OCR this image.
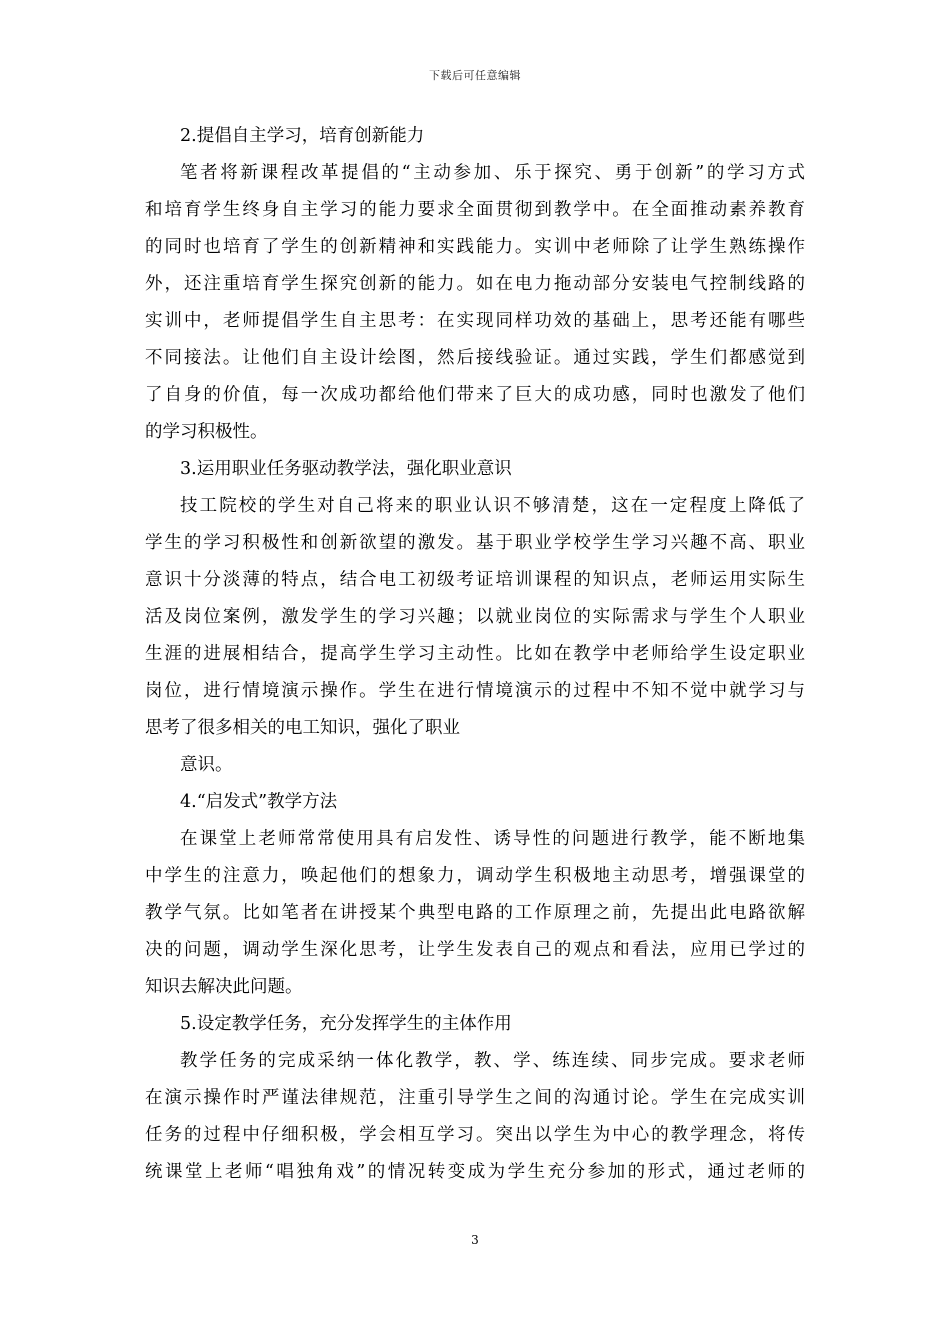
下载后可任意编辑
2.提倡自主学习，培育创新能力
笔者将新课程改革提倡的“主动参加、乐于探究、勇于创新”的学习方式
和培育学生终身自主学习的能力要求全面贯彻到教学中。在全面推动素养教育
的同时也培育了学生的创新精神和实践能力。实训中老师除了让学生熟练操作
外，还注重培育学生探究创新的能力。如在电力拖动部分安装电气控制线路的
实训中，老师提倡学生自主思考：在实现同样功效的基础上，思考还能有哪些
不同接法。让他们自主设计绘图，然后接线验证。通过实践，学生们都感觉到
了自身的价值，每一次成功都给他们带来了巨大的成功感，同时也激发了他们
的学习积极性。
3.运用职业任务驱动教学法，强化职业意识
技工院校的学生对自己将来的职业认识不够清楚，这在一定程度上降低了
学生的学习积极性和创新欲望的激发。基于职业学校学生学习兴趣不高、职业
意识十分淡薄的特点，结合电工初级考证培训课程的知识点，老师运用实际生
活及岗位案例，激发学生的学习兴趣；以就业岗位的实际需求与学生个人职业
生涯的进展相结合，提高学生学习主动性。比如在教学中老师给学生设定职业
岗位，进行情境演示操作。学生在进行情境演示的过程中不知不觉中就学习与
思考了很多相关的电工知识，强化了职业
意识。
4.“启发式”教学方法
在课堂上老师常常使用具有启发性、诱导性的问题进行教学，能不断地集
中学生的注意力，唤起他们的想象力，调动学生积极地主动思考，增强课堂的
教学气氛。比如笔者在讲授某个典型电路的工作原理之前，先提出此电路欲解
决的问题，调动学生深化思考，让学生发表自己的观点和看法，应用已学过的
知识去解决此问题。
5.设定教学任务，充分发挥学生的主体作用
教学任务的完成采纳一体化教学，教、学、练连续、同步完成。要求老师
在演示操作时严谨法律规范，注重引导学生之间的沟通讨论。学生在完成实训
任务的过程中仔细积极，学会相互学习。突出以学生为中心的教学理念，将传
统课堂上老师“唱独角戏”的情况转变成为学生充分参加的形式，通过老师的
3
